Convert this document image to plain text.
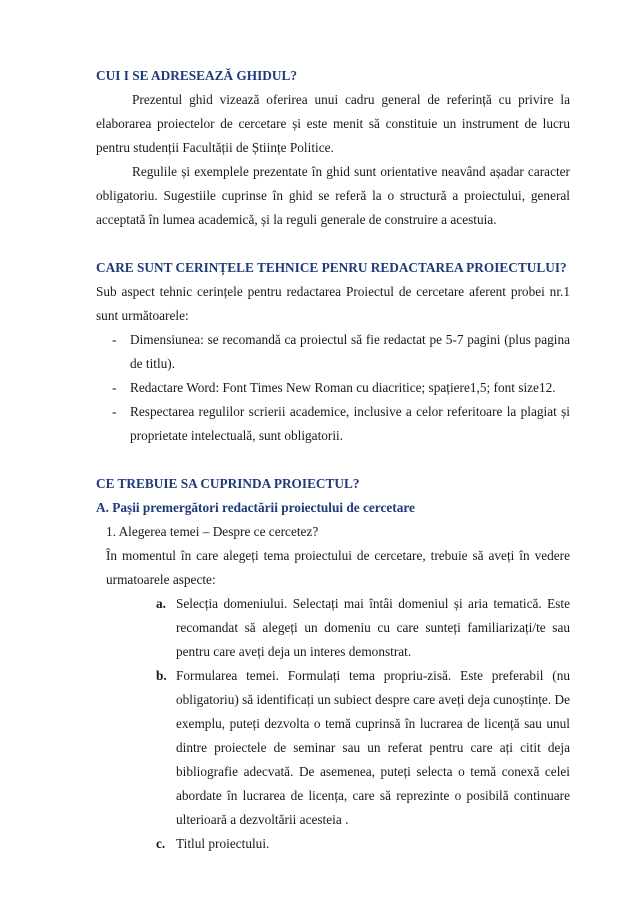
CUI I SE ADRESEAZĂ GHIDUL?

Prezentul ghid vizează oferirea unui cadru general de referință cu privire la elaborarea proiectelor de cercetare și este menit să constituie un instrument de lucru pentru studenții Facultății de Științe Politice.

Regulile și exemplele prezentate în ghid sunt orientative neavând așadar caracter obligatoriu. Sugestiile cuprinse în ghid se referă la o structură a proiectului, general acceptată în lumea academică, și la reguli generale de construire a acestuia.

CARE SUNT CERINȚELE TEHNICE PENRU REDACTAREA PROIECTULUI?

Sub aspect tehnic cerințele pentru redactarea Proiectul de cercetare aferent probei nr.1 sunt următoarele:

- Dimensiunea: se recomandă ca proiectul să fie redactat pe 5-7 pagini (plus pagina de titlu).
- Redactare Word: Font Times New Roman cu diacritice; spațiere1,5; font size12.
- Respectarea regulilor scrierii academice, inclusive a celor referitoare la plagiat și proprietate intelectuală, sunt obligatorii.
CE TREBUIE SA CUPRINDA PROIECTUL?
A. Pașii premergători redactării proiectului de cercetare

1. Alegerea temei – Despre ce cercetez?

În momentul în care alegeți tema proiectului de cercetare, trebuie să aveți în vedere urmatoarele aspecte:

a. Selecția domeniului. Selectați mai întâi domeniul și aria tematică. Este recomandat să alegeți un domeniu cu care sunteți familiarizați/te sau pentru care aveți deja un interes demonstrat.
b. Formularea temei. Formulați tema propriu-zisă. Este preferabil (nu obligatoriu) să identificați un subiect despre care aveți deja cunoștințe. De exemplu, puteți dezvolta o temă cuprinsă în lucrarea de licență sau unul dintre proiectele de seminar sau un referat pentru care ați citit deja bibliografie adecvată. De asemenea, puteți selecta o temă conexă celei abordate în lucrarea de licența, care să reprezinte o posibilă continuare ulterioară a dezvoltării acesteia .
c. Titlul proiectului.
